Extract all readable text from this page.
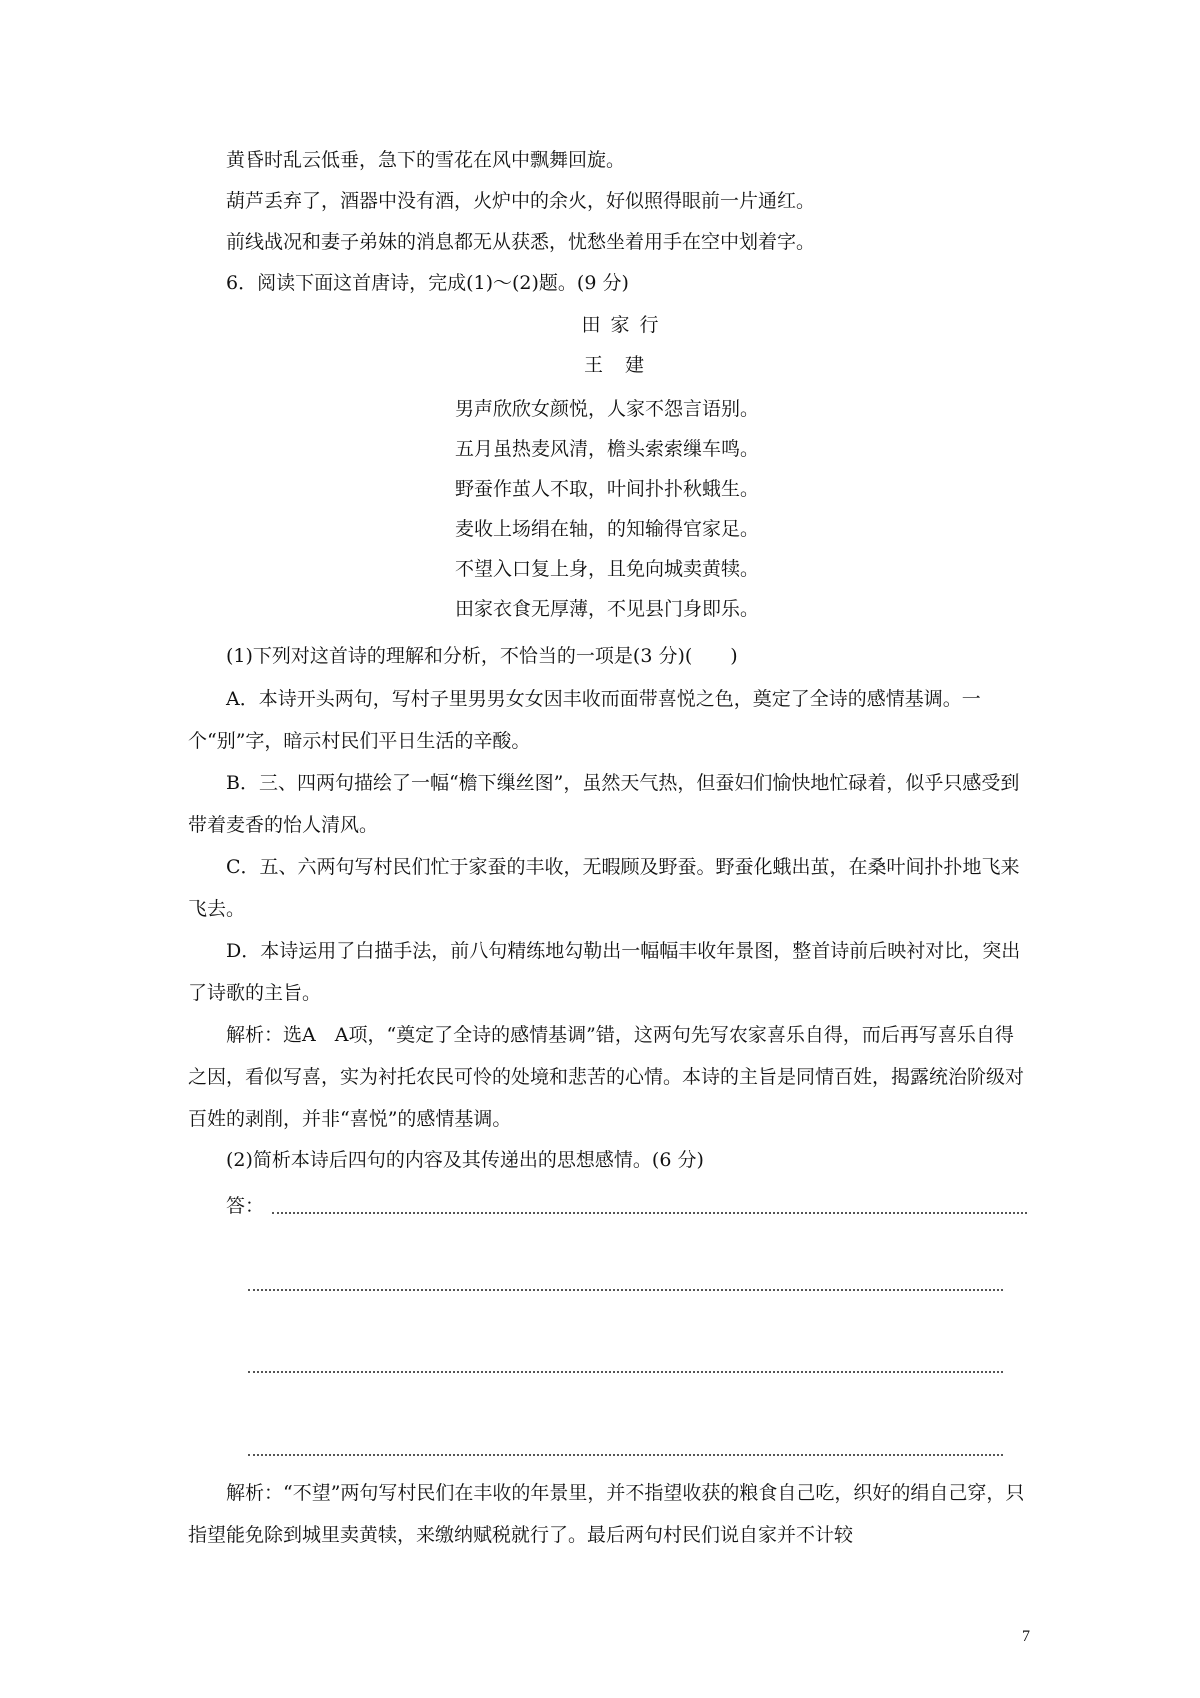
黄昏时乱云低垂，急下的雪花在风中飘舞回旋。

葫芦丢弃了，酒器中没有酒，火炉中的余火，好似照得眼前一片通红。

前线战况和妻子弟妹的消息都无从获悉，忧愁坐着用手在空中划着字。

6．阅读下面这首唐诗，完成(1)～(2)题。(9 分)

田家行
王建
男声欣欣女颜悦，人家不怨言语别。
五月虽热麦风清，檐头索索缫车鸣。
野蚕作茧人不取，叶间扑扑秋蛾生。
麦收上场绢在轴，的知输得官家足。
不望入口复上身，且免向城卖黄犊。
田家衣食无厚薄，不见县门身即乐。

(1)下列对这首诗的理解和分析，不恰当的一项是(3 分)(　　)

A．本诗开头两句，写村子里男男女女因丰收而面带喜悦之色，奠定了全诗的感情基调。一个“别”字，暗示村民们平日生活的辛酸。

B．三、四两句描绘了一幅“檐下缫丝图”，虽然天气热，但蚕妇们愉快地忙碌着，似乎只感受到带着麦香的怡人清风。

C．五、六两句写村民们忙于家蚕的丰收，无暇顾及野蚕。野蚕化蛾出茧，在桑叶间扑扑地飞来飞去。

D．本诗运用了白描手法，前八句精练地勾勒出一幅幅丰收年景图，整首诗前后映衬对比，突出了诗歌的主旨。

解析：选A　A项，“奠定了全诗的感情基调”错，这两句先写农家喜乐自得，而后再写喜乐自得之因，看似写喜，实为衬托农民可怜的处境和悲苦的心情。本诗的主旨是同情百姓，揭露统治阶级对百姓的剥削，并非“喜悦”的感情基调。

(2)简析本诗后四句的内容及其传递出的思想感情。(6 分)

答：

解析：“不望”两句写村民们在丰收的年景里，并不指望收获的粮食自己吃，织好的绢自己穿，只指望能免除到城里卖黄犊，来缴纳赋税就行了。最后两句村民们说自家并不计较

7
